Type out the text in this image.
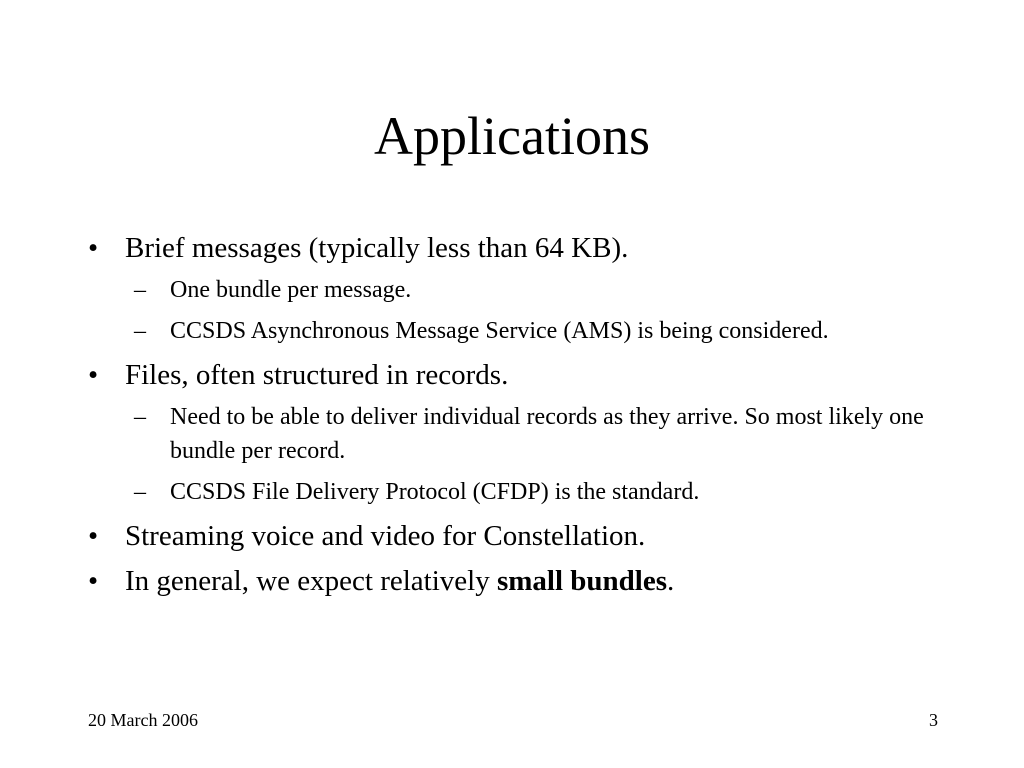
Applications
• Brief messages (typically less than 64 KB).
– One bundle per message.
– CCSDS Asynchronous Message Service (AMS) is being considered.
• Files, often structured in records.
– Need to be able to deliver individual records as they arrive. So most likely one bundle per record.
– CCSDS File Delivery Protocol (CFDP) is the standard.
• Streaming voice and video for Constellation.
• In general, we expect relatively small bundles.
20 March 2006	3
